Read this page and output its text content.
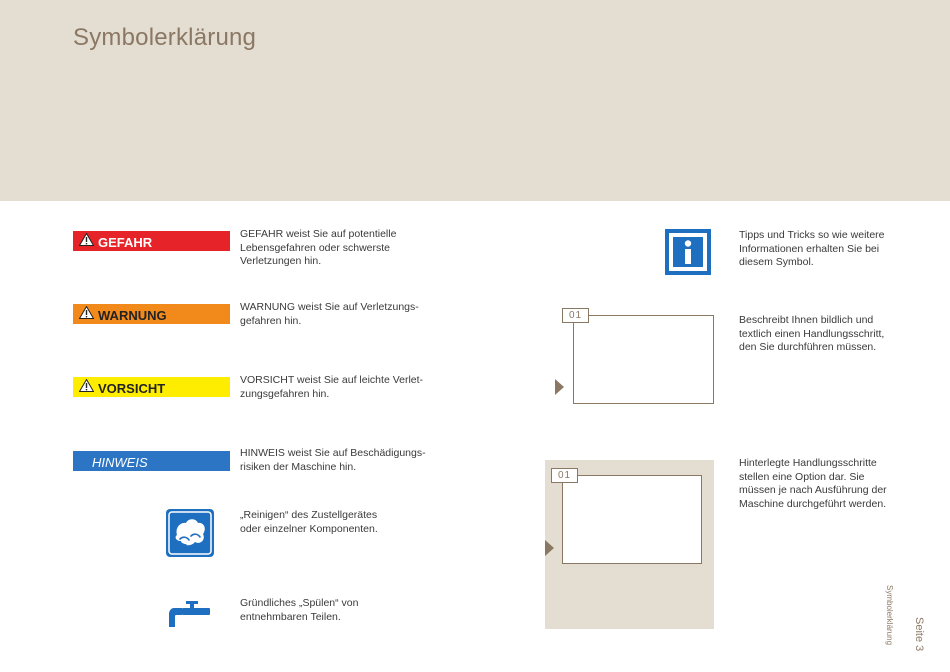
Symbolerklärung
GEFAHR

GEFAHR weist Sie auf potentielle
Lebensgefahren oder schwerste
Verletzungen hin.

WARNUNG

WARNUNG weist Sie auf Verletzungs-
gefahren hin.

VORSICHT

VORSICHT weist Sie auf leichte Verlet-
zungsgefahren hin.

HINWEIS

HINWEIS weist Sie auf Beschädigungs-
risiken der Maschine hin.

„Reinigen“ des Zustellgerätes
oder einzelner Komponenten.

Gründliches „Spülen“ von
entnehmbaren Teilen.

Tipps und Tricks so wie weitere
Informationen erhalten Sie bei
diesem Symbol.

01	Beschreibt Ihnen bildlich und
textlich einen Handlungsschritt,
den Sie durchführen müssen.

01

Hinterlegte Handlungsschritte
stellen eine Option dar. Sie
müssen je nach Ausführung der
Maschine durchgeführt werden.

Symbolerklärung Seite 3
